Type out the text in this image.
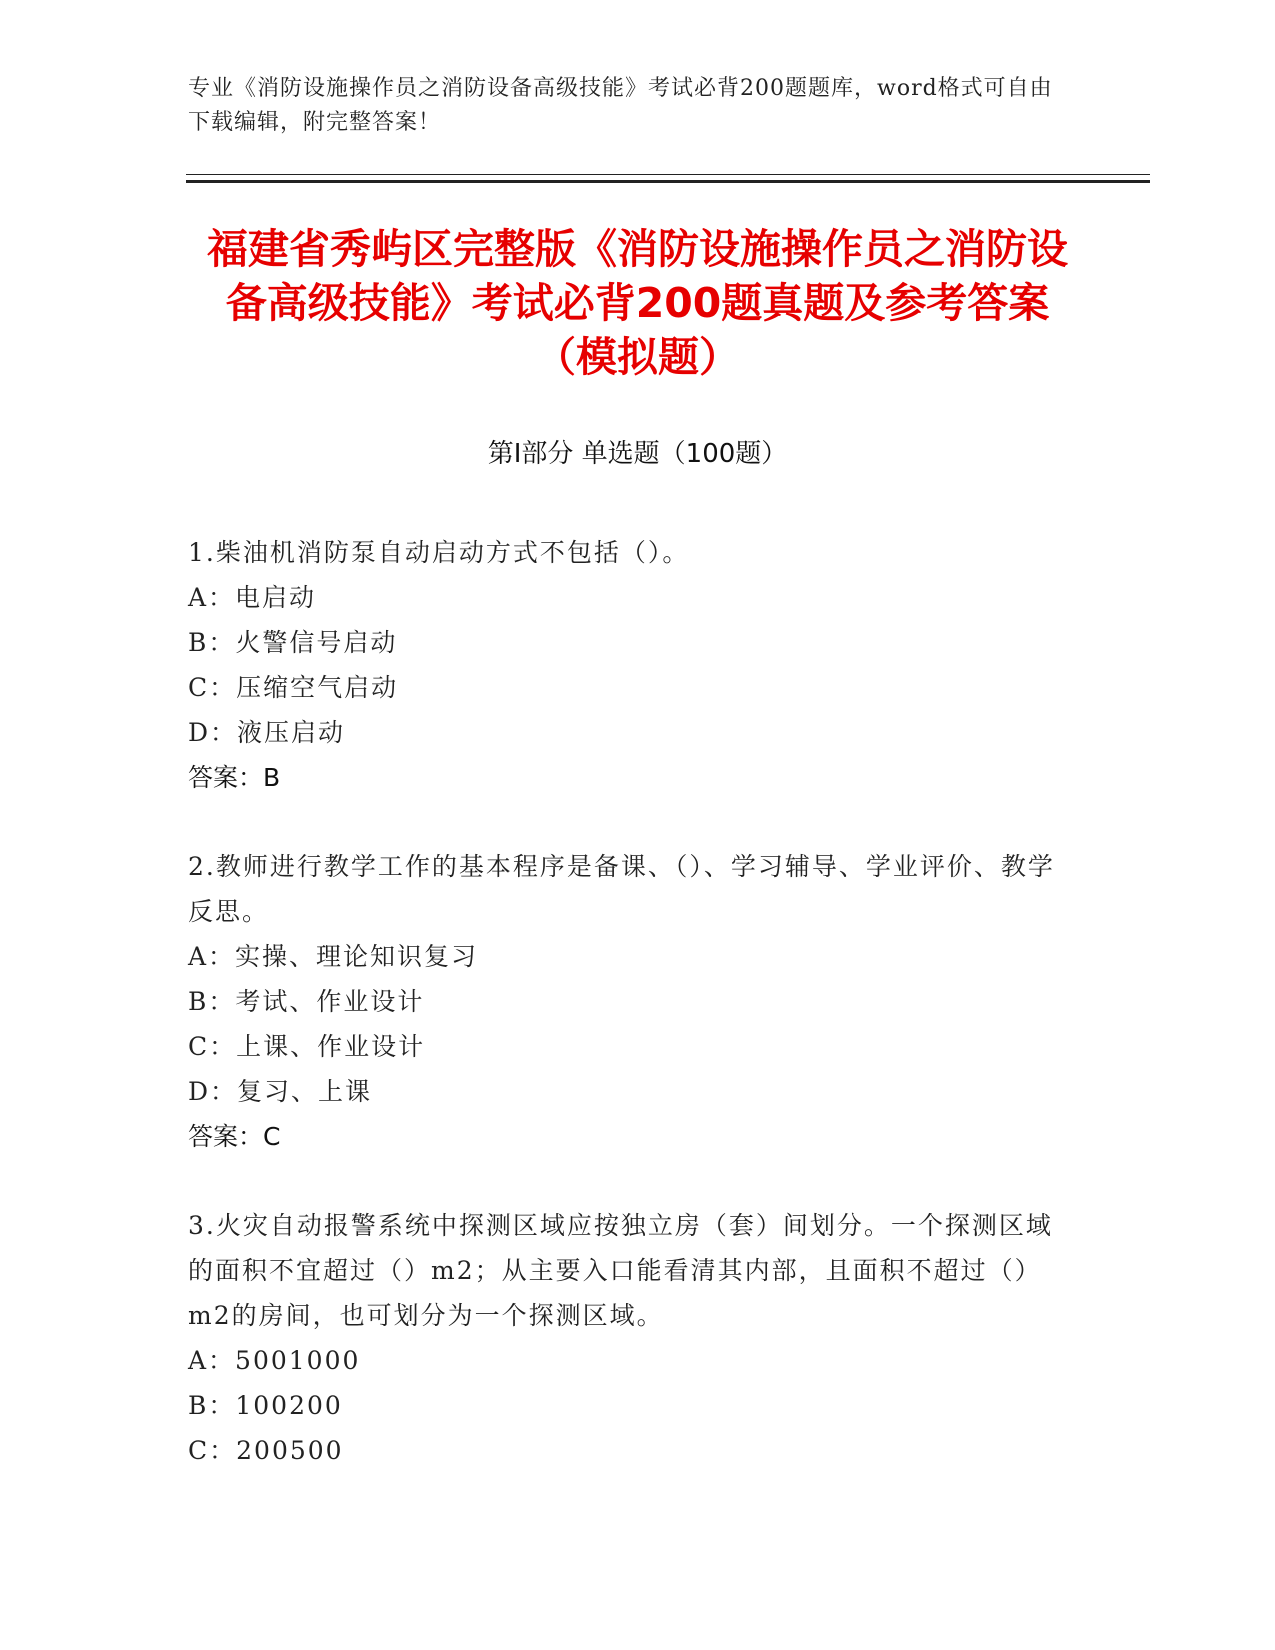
专业《消防设施操作员之消防设备高级技能》考试必背200题题库，word格式可自由下载编辑，附完整答案！
福建省秀屿区完整版《消防设施操作员之消防设备高级技能》考试必背200题真题及参考答案（模拟题）
第I部分 单选题（100题）
1.柴油机消防泵自动启动方式不包括（）。
A：电启动
B：火警信号启动
C：压缩空气启动
D：液压启动
答案：B
2.教师进行教学工作的基本程序是备课、（）、学习辅导、学业评价、教学反思。
A：实操、理论知识复习
B：考试、作业设计
C：上课、作业设计
D：复习、上课
答案：C
3.火灾自动报警系统中探测区域应按独立房（套）间划分。一个探测区域的面积不宜超过（）m2；从主要入口能看清其内部，且面积不超过（）m2的房间，也可划分为一个探测区域。
A：5001000
B：100200
C：200500
